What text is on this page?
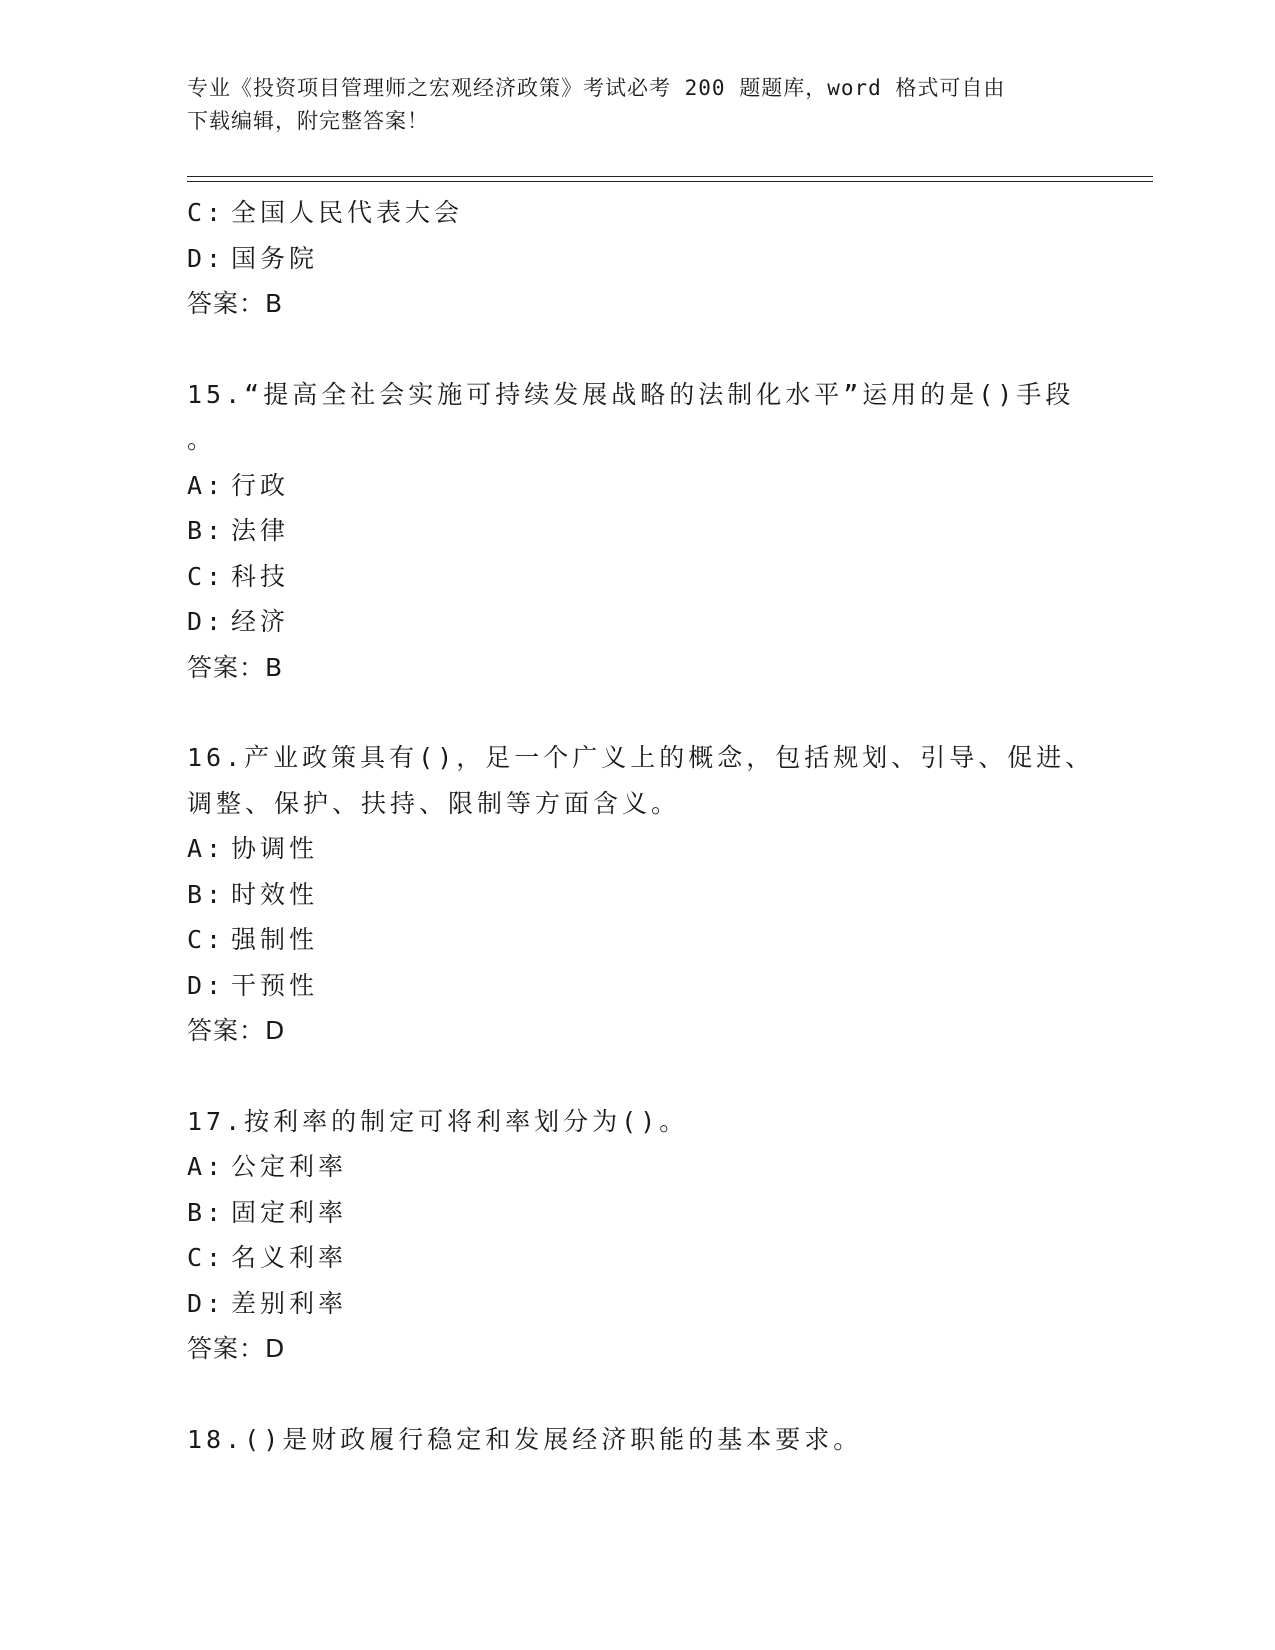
专业《投资项目管理师之宏观经济政策》考试必考 200 题题库，word 格式可自由
下载编辑，附完整答案！
C: 全国人民代表大会
D: 国务院
答案：B
15.“提高全社会实施可持续发展战略的法制化水平”运用的是()手段
。
A: 行政
B: 法律
C: 科技
D: 经济
答案：B
16.产业政策具有()，足一个广义上的概念，包括规划、引导、促进、
调整、保护、扶持、限制等方面含义。
A: 协调性
B: 时效性
C: 强制性
D: 干预性
答案：D
17.按利率的制定可将利率划分为()。
A: 公定利率
B: 固定利率
C: 名义利率
D: 差别利率
答案：D
18.()是财政履行稳定和发展经济职能的基本要求。
